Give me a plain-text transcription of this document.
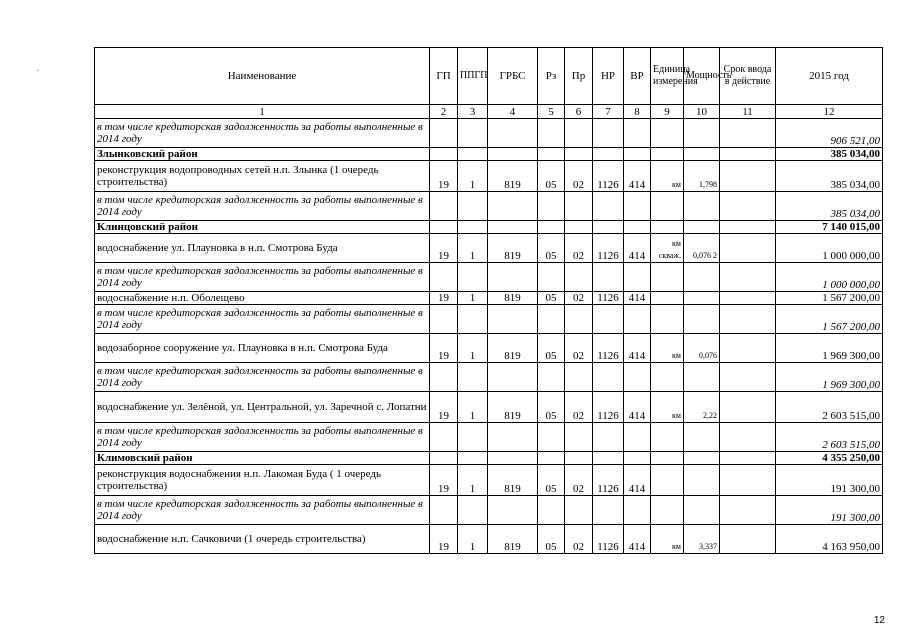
·	Наименование	ГП	ППГП	ГРБС	Рз	Пр	НР	ВР	Единица измерения	Мощность	Срок ввода в действие	2015 год
1	2	3	4	5	6	7	8	9	10	11	12
в том числе кредиторская задолженность за работы выполненные в 2014 году											906 521,00
Злынковский район											385 034,00
реконструкция водопроводных сетей н.п. Злынка (1 очередь строительства)	19	1	819	05	02	1126	414	км	1,798		385 034,00
в том числе кредиторская задолженность за работы выполненные в 2014 году											385 034,00
Клинцовский район											7 140 015,00
водоснабжение ул. Плауновка в н.п. Смотрова Буда	19	1	819	05	02	1126	414	км скваж.	0,076 2		1 000 000,00
в том числе кредиторская задолженность за работы выполненные в 2014 году											1 000 000,00
водоснабжение н.п. Оболещево	19	1	819	05	02	1126	414				1 567 200,00
в том числе кредиторская задолженность за работы выполненные в 2014 году											1 567 200,00
водозаборное сооружение ул. Плауновка в н.п. Смотрова Буда	19	1	819	05	02	1126	414	км	0,076		1 969 300,00
в том числе кредиторская задолженность за работы выполненные в 2014 году											1 969 300,00
водоснабжение ул. Зелёной, ул. Центральной, ул. Заречной с. Лопатни	19	1	819	05	02	1126	414	км	2,22		2 603 515,00
в том числе кредиторская задолженность за работы выполненные в 2014 году											2 603 515,00
Климовский район											4 355 250,00
реконструкция водоснабжения н.п. Лакомая Буда ( 1 очередь строительства)	19	1	819	05	02	1126	414				191 300,00
в том числе кредиторская задолженность за работы выполненные в 2014 году											191 300,00
водоснабжение н.п. Сачковичи (1 очередь строительства)	19	1	819	05	02	1126	414	км	3,337		4 163 950,00
12
